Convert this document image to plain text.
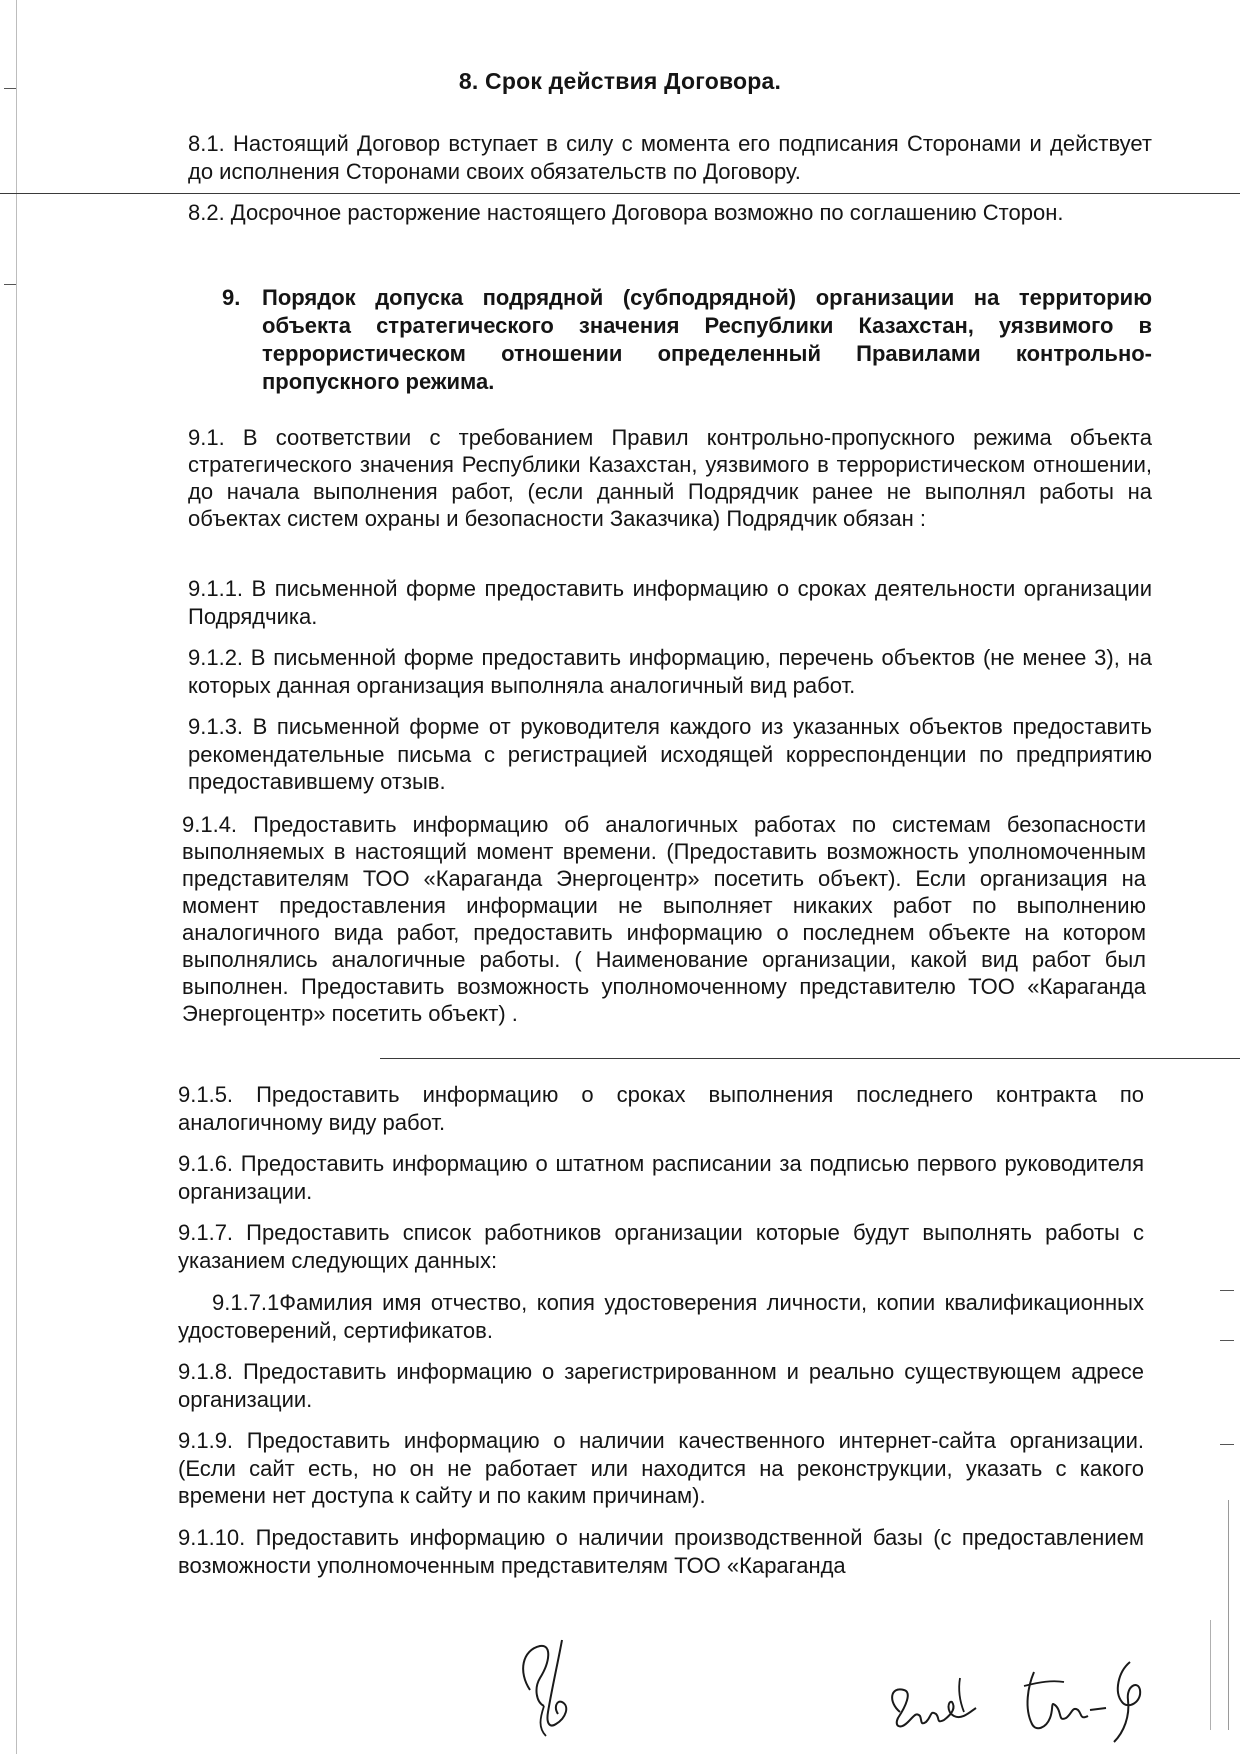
8. Срок действия Договора.
8.1. Настоящий Договор вступает в силу с момента его подписания Сторонами и действует до исполнения Сторонами своих обязательств по Договору.
8.2. Досрочное расторжение настоящего Договора возможно по соглашению Сторон.
9. Порядок допуска подрядной (субподрядной) организации на территорию объекта стратегического значения Республики Казахстан, уязвимого в террористическом отношении определенный Правилами контрольно-пропускного режима.
9.1. В соответствии с требованием Правил контрольно-пропускного режима объекта стратегического значения Республики Казахстан, уязвимого в террористическом отношении, до начала выполнения работ, (если данный Подрядчик ранее не выполнял работы на объектах систем охраны и безопасности Заказчика) Подрядчик обязан :
9.1.1. В письменной форме предоставить информацию о сроках деятельности организации Подрядчика.
9.1.2. В письменной форме предоставить информацию, перечень объектов (не менее 3), на которых данная организация выполняла аналогичный вид работ.
9.1.3. В письменной форме от руководителя каждого из указанных объектов предоставить рекомендательные письма с регистрацией исходящей корреспонденции по предприятию предоставившему отзыв.
9.1.4. Предоставить информацию об аналогичных работах по системам безопасности выполняемых в настоящий момент времени. (Предоставить возможность уполномоченным представителям ТОО «Караганда Энергоцентр» посетить объект). Если организация на момент предоставления информации не выполняет никаких работ по выполнению аналогичного вида работ, предоставить информацию о последнем объекте на котором выполнялись аналогичные работы. ( Наименование организации, какой вид работ был выполнен. Предоставить возможность уполномоченному представителю ТОО «Караганда Энергоцентр» посетить объект) .
9.1.5. Предоставить информацию о сроках выполнения последнего контракта по аналогичному виду работ.
9.1.6. Предоставить информацию о штатном расписании за подписью первого руководителя организации.
9.1.7. Предоставить список работников организации которые будут выполнять работы с указанием следующих данных:
9.1.7.1Фамилия имя отчество, копия удостоверения личности, копии квалификационных удостоверений, сертификатов.
9.1.8. Предоставить информацию о зарегистрированном и реально существующем адресе организации.
9.1.9. Предоставить информацию о наличии качественного интернет-сайта организации. (Если сайт есть, но он не работает или находится на реконструкции, указать с какого времени нет доступа к сайту и по каким причинам).
9.1.10. Предоставить информацию о наличии производственной базы (с предоставлением возможности уполномоченным представителям ТОО «Караганда
